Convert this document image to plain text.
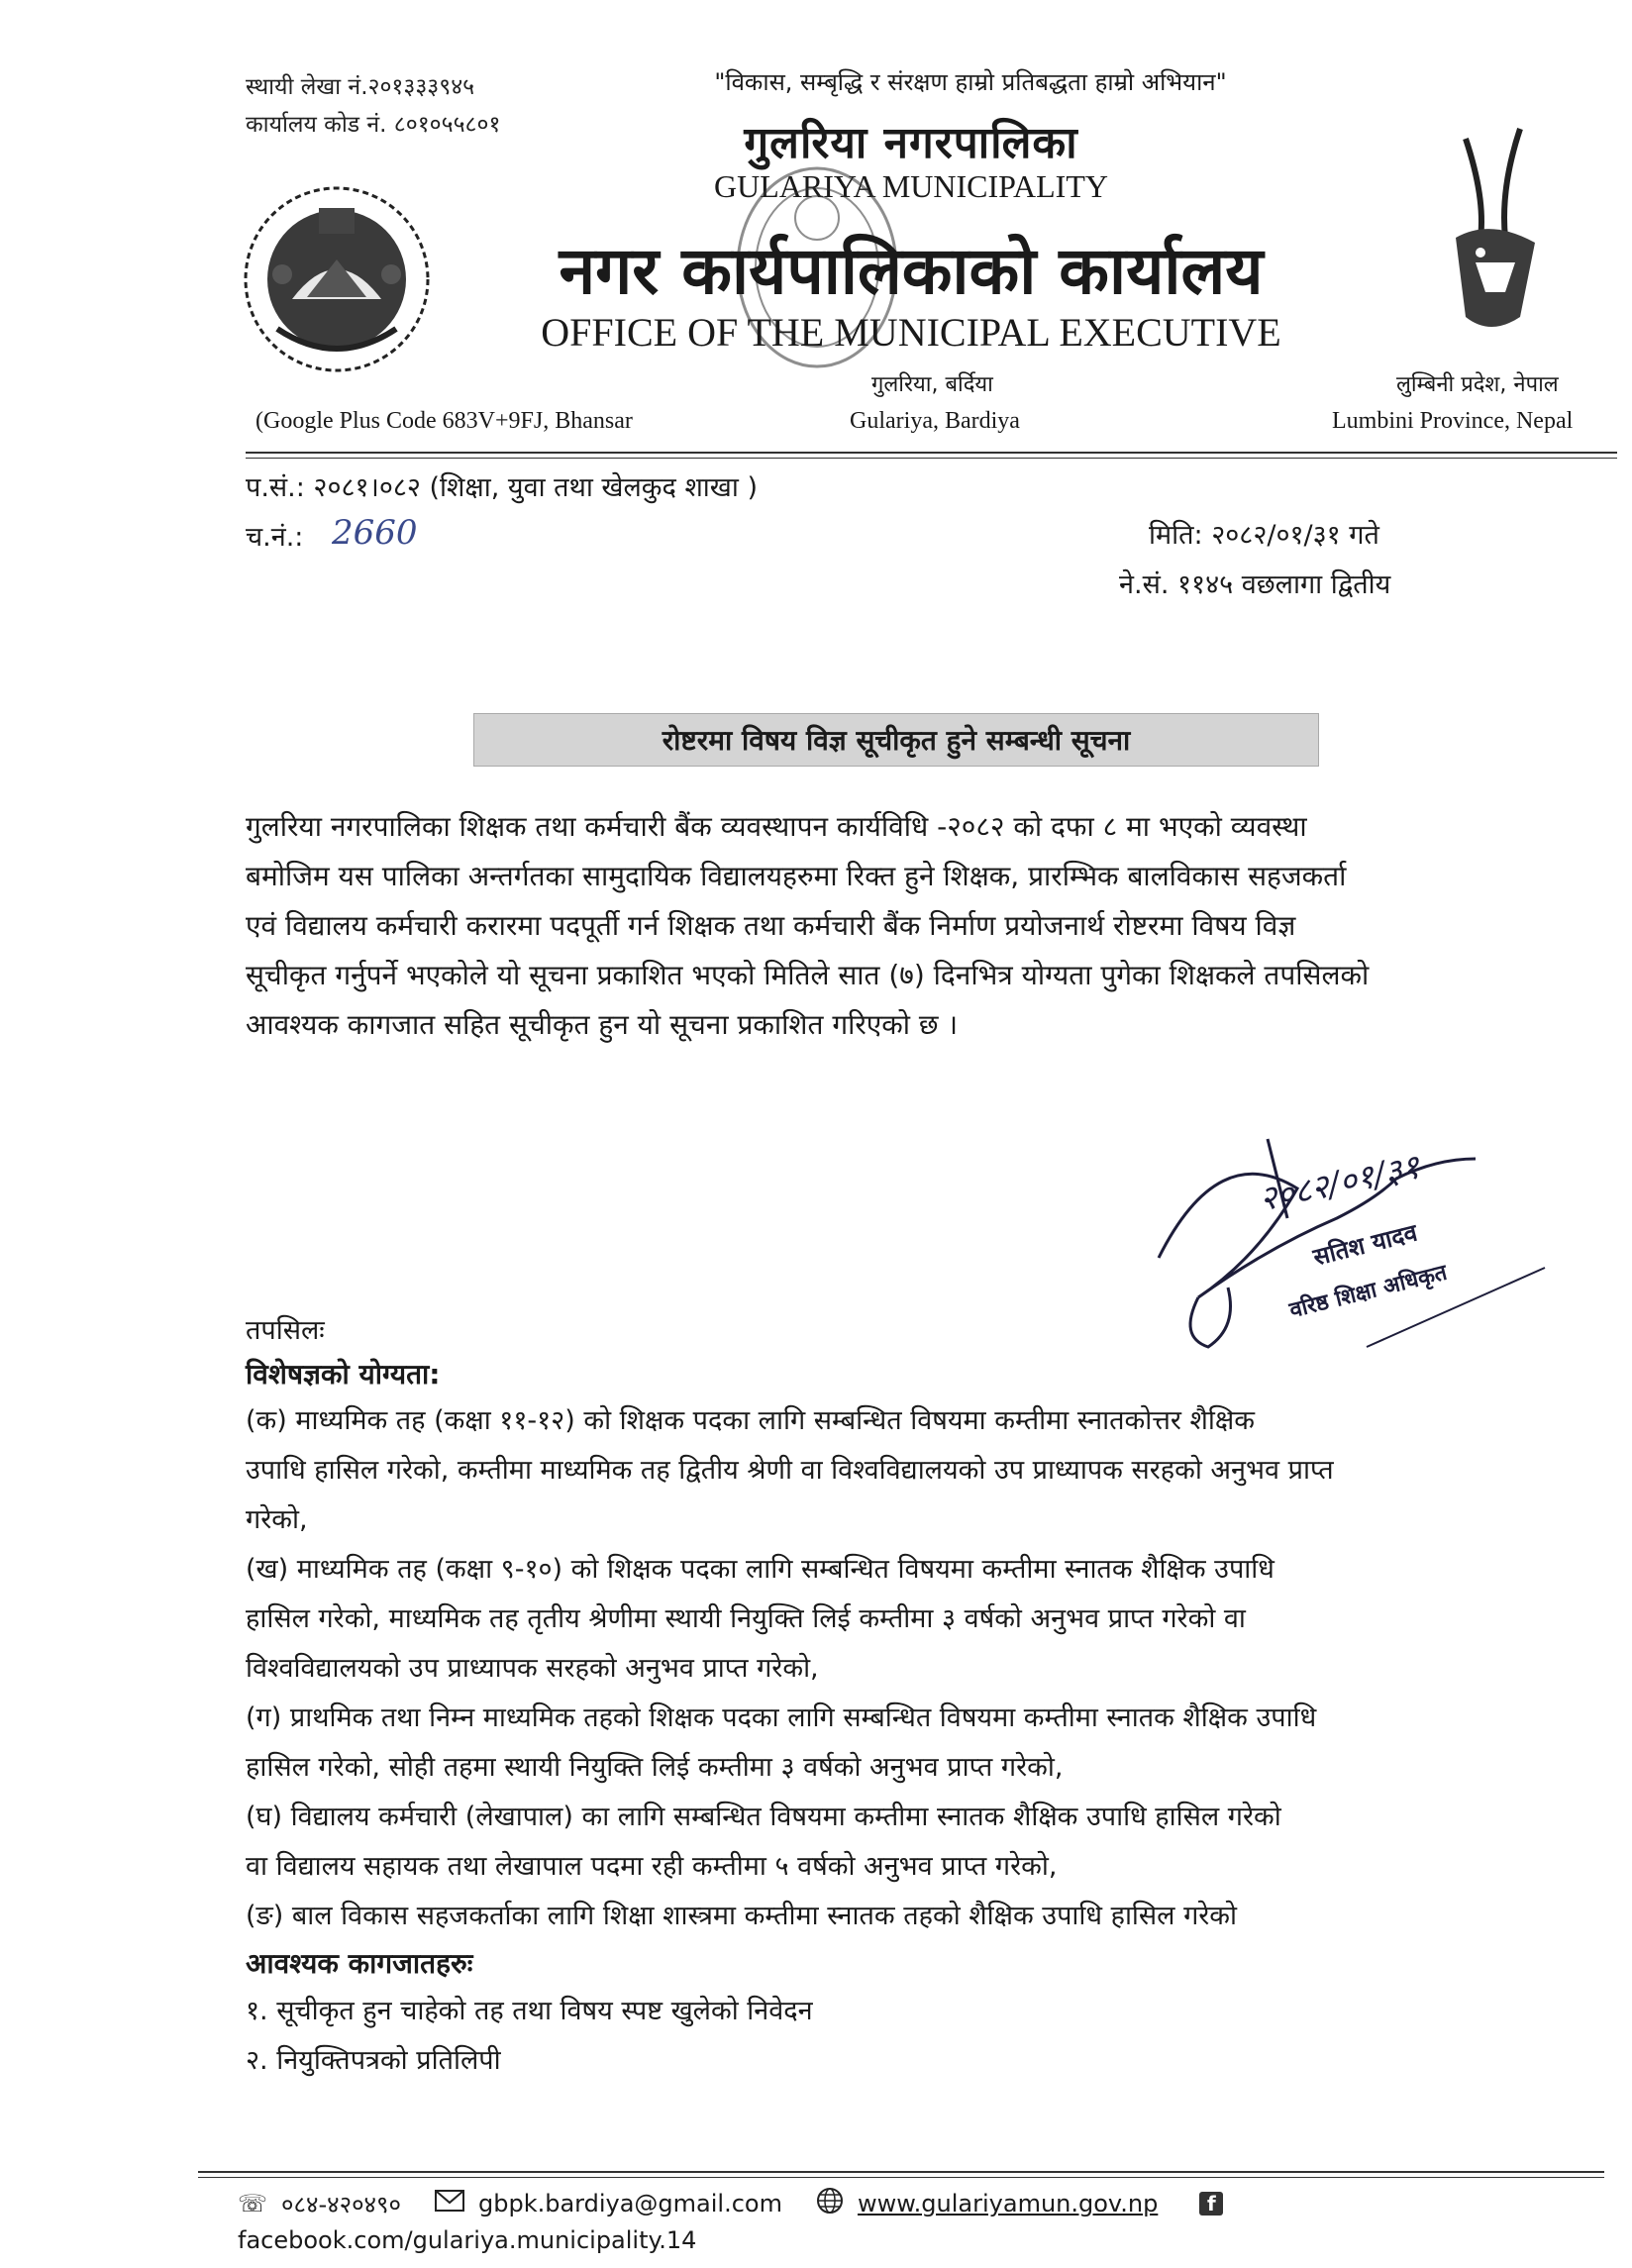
स्थायी लेखा नं.२०१३३३९४५
कार्यालय कोड नं. ८०१०५५८०१
"विकास, सम्बृद्धि र संरक्षण हाम्रो प्रतिबद्धता हाम्रो अभियान"
गुलरिया नगरपालिका
GULARIYA MUNICIPALITY
नगर कार्यपालिकाको कार्यालय
OFFICE OF THE MUNICIPAL EXECUTIVE
गुलरिया, बर्दिया	लुम्बिनी प्रदेश, नेपाल
(Google Plus Code 683V+9FJ, Bhansar	Gulariya, Bardiya	Lumbini Province, Nepal
प.सं.: २०८१।०८२ (शिक्षा, युवा तथा खेलकुद शाखा )
च.नं.: 2660	मिति: २०८२/०१/३१ गते
ने.सं. ११४५ वछलागा द्वितीय
रोष्टरमा विषय विज्ञ सूचीकृत हुने सम्बन्धी सूचना
गुलरिया नगरपालिका शिक्षक तथा कर्मचारी बैंक व्यवस्थापन कार्यविधि -२०८२ को दफा ८ मा भएको व्यवस्था
बमोजिम यस पालिका अन्तर्गतका सामुदायिक विद्यालयहरुमा रिक्त हुने शिक्षक, प्रारम्भिक बालविकास सहजकर्ता
एवं विद्यालय कर्मचारी करारमा पदपूर्ती गर्न शिक्षक तथा कर्मचारी बैंक निर्माण प्रयोजनार्थ रोष्टरमा विषय विज्ञ
सूचीकृत गर्नुपर्ने भएकोले यो सूचना प्रकाशित भएको मितिले सात (७) दिनभित्र योग्यता पुगेका शिक्षकले तपसिलको
आवश्यक कागजात सहित सूचीकृत हुन यो सूचना प्रकाशित गरिएको छ ।
२०८२/०१/३१
सतिश यादव
वरिष्ठ शिक्षा अधिकृत
तपसिलः
विशेषज्ञको योग्यता:
(क) माध्यमिक तह (कक्षा ११-१२) को शिक्षक पदका लागि सम्बन्धित विषयमा कम्तीमा स्नातकोत्तर शैक्षिक
उपाधि हासिल गरेको, कम्तीमा माध्यमिक तह द्वितीय श्रेणी वा विश्वविद्यालयको उप प्राध्यापक सरहको अनुभव प्राप्त
गरेको,
(ख) माध्यमिक तह (कक्षा ९-१०) को शिक्षक पदका लागि सम्बन्धित विषयमा कम्तीमा स्नातक शैक्षिक उपाधि
हासिल गरेको, माध्यमिक तह तृतीय श्रेणीमा स्थायी नियुक्ति लिई कम्तीमा ३ वर्षको अनुभव प्राप्त गरेको वा
विश्वविद्यालयको उप प्राध्यापक सरहको अनुभव प्राप्त गरेको,
(ग) प्राथमिक तथा निम्न माध्यमिक तहको शिक्षक पदका लागि सम्बन्धित विषयमा कम्तीमा स्नातक शैक्षिक उपाधि
हासिल गरेको, सोही तहमा स्थायी नियुक्ति लिई कम्तीमा ३ वर्षको अनुभव प्राप्त गरेको,
(घ) विद्यालय कर्मचारी (लेखापाल) का लागि सम्बन्धित विषयमा कम्तीमा स्नातक शैक्षिक उपाधि हासिल गरेको
वा विद्यालय सहायक तथा लेखापाल पदमा रही कम्तीमा ५ वर्षको अनुभव प्राप्त गरेको,
(ङ) बाल विकास सहजकर्ताका लागि शिक्षा शास्त्रमा कम्तीमा स्नातक तहको शैक्षिक उपाधि हासिल गरेको
आवश्यक कागजातहरुः
१. सूचीकृत हुन चाहेको तह तथा विषय स्पष्ट खुलेको निवेदन
२. नियुक्तिपत्रको प्रतिलिपी
☏ ०८४-४२०४९०	gbpk.bardiya@gmail.com	www.gulariyamun.gov.np	f
facebook.com/gulariya.municipality.14
